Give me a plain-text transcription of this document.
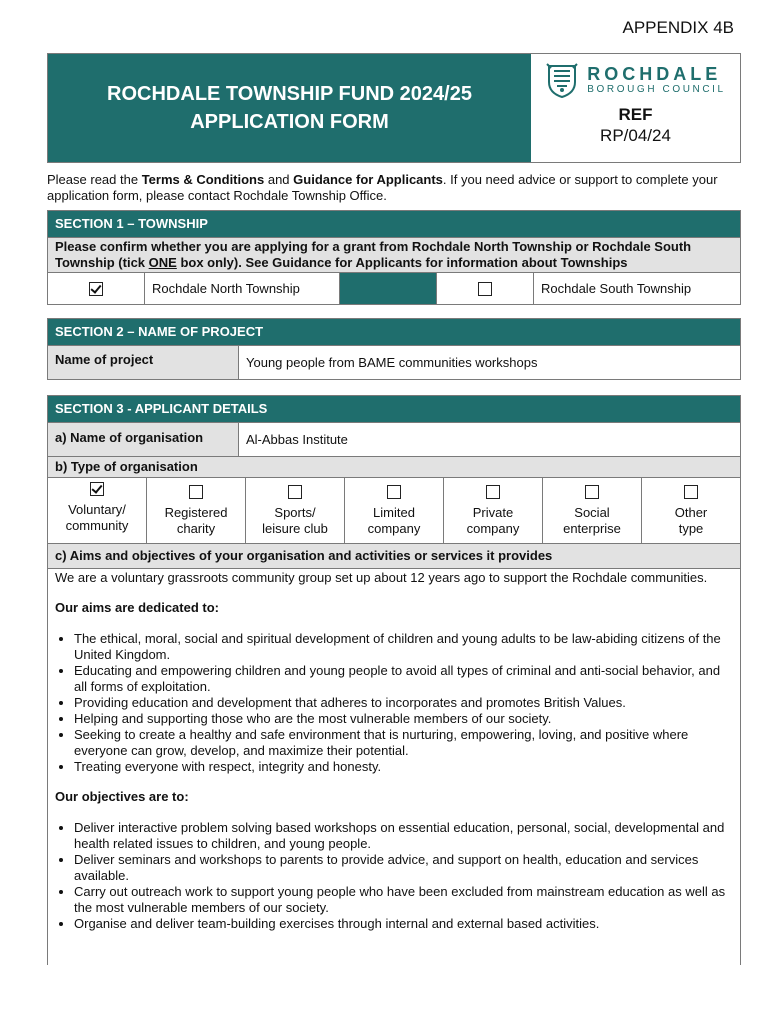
APPENDIX 4B
ROCHDALE TOWNSHIP FUND 2024/25
APPLICATION FORM
ROCHDALE
BOROUGH COUNCIL
REF
RP/04/24
Please read the Terms & Conditions and Guidance for Applicants. If you need advice or support to complete your application form, please contact Rochdale Township Office.
SECTION 1 – TOWNSHIP
Please confirm whether you are applying for a grant from Rochdale North Township or Rochdale South Township (tick ONE box only). See Guidance for Applicants for information about Townships
Rochdale North Township	Rochdale South Township
SECTION 2 – NAME OF PROJECT
Name of project	Young people from BAME communities workshops
SECTION 3 - APPLICANT DETAILS
a) Name of organisation	Al-Abbas Institute
b) Type of organisation

Voluntary/
community

Registered
charity

Sports/
leisure club

Limited
company

Private
company

Social
enterprise

Other
type
c) Aims and objectives of your organisation and activities or services it provides

We are a voluntary grassroots community group set up about 12 years ago to support the Rochdale communities.

Our aims are dedicated to:

• The ethical, moral, social and spiritual development of children and young adults to be law-abiding citizens of the United Kingdom.
• Educating and empowering children and young people to avoid all types of criminal and anti-social behavior, and all forms of exploitation.
• Providing education and development that adheres to incorporates and promotes British Values.
• Helping and supporting those who are the most vulnerable members of our society.
• Seeking to create a healthy and safe environment that is nurturing, empowering, loving, and positive where everyone can grow, develop, and maximize their potential.
• Treating everyone with respect, integrity and honesty.

Our objectives are to:

• Deliver interactive problem solving based workshops on essential education, personal, social, developmental and health related issues to children, and young people.
• Deliver seminars and workshops to parents to provide advice, and support on health, education and services available.
• Carry out outreach work to support young people who have been excluded from mainstream education as well as the most vulnerable members of our society.
• Organise and deliver team-building exercises through internal and external based activities.
